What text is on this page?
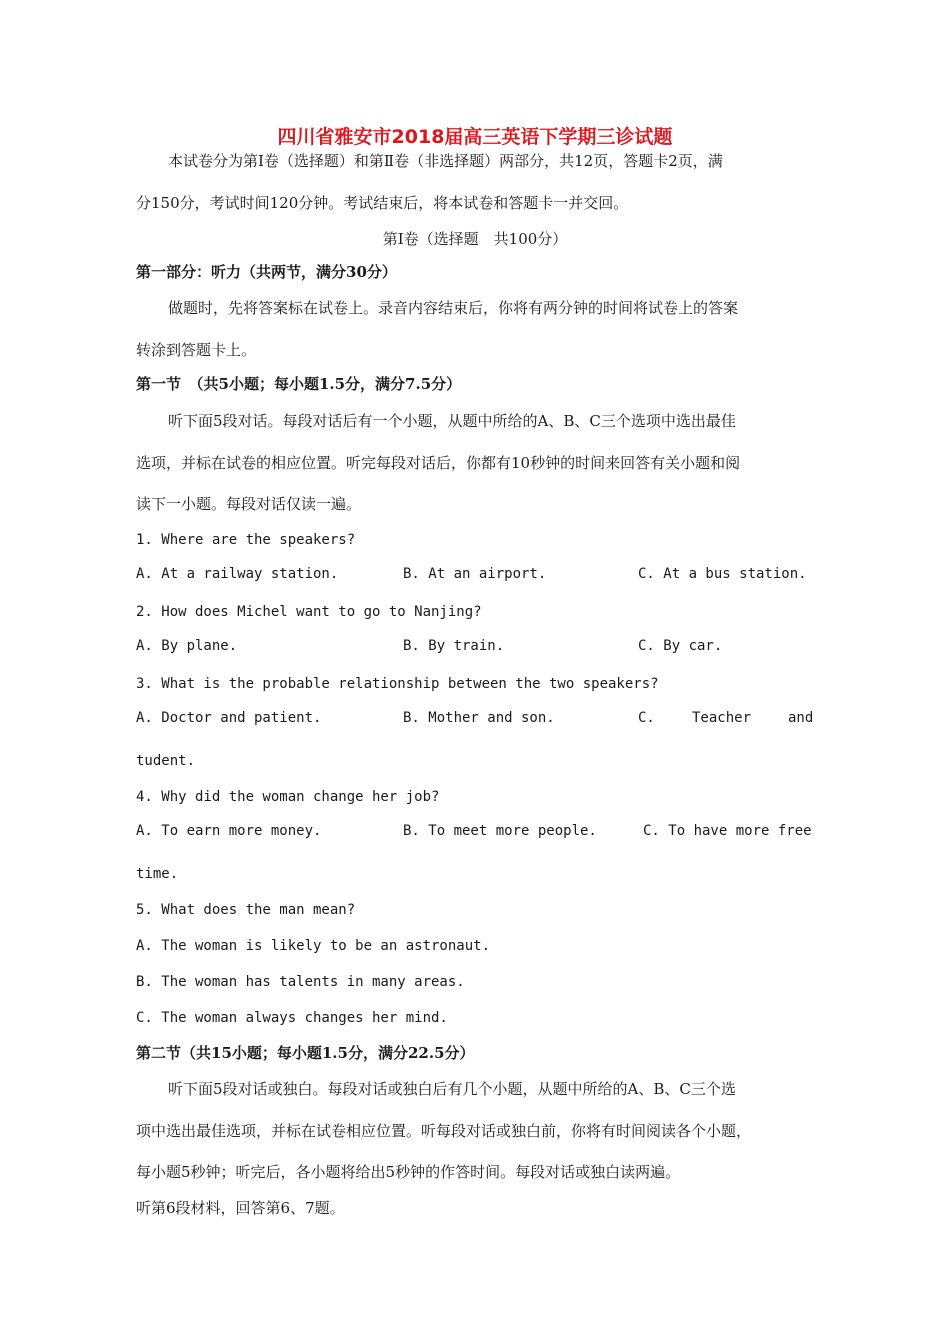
四川省雅安市2018届高三英语下学期三诊试题
本试卷分为第Ⅰ卷（选择题）和第Ⅱ卷（非选择题）两部分，共12页，答题卡2页，满
分150分，考试时间120分钟。考试结束后，将本试卷和答题卡一并交回。
第Ⅰ卷（选择题　共100分）
第一部分：听力（共两节，满分30分）
做题时，先将答案标在试卷上。录音内容结束后，你将有两分钟的时间将试卷上的答案
转涂到答题卡上。
第一节　（共5小题；每小题1.5分，满分7.5分）
听下面5段对话。每段对话后有一个小题，从题中所给的A、B、C三个选项中选出最佳
选项，并标在试卷的相应位置。听完每段对话后，你都有10秒钟的时间来回答有关小题和阅
读下一小题。每段对话仅读一遍。
1. Where are the speakers?
A. At a railway station.	B. At an airport.	C. At a bus station.
2. How does Michel want to go to Nanjing?
A. By plane.	B. By train.	C. By car.
3. What is the probable relationship between the two speakers?
A. Doctor and patient.	B. Mother and son.	C.	Teacher	and
tudent.
4. Why did the woman change her job?
A. To earn more money.	B. To meet more people.	C. To have more free
time.
5. What does the man mean?
A. The woman is likely to be an astronaut.
B. The woman has talents in many areas.
C. The woman always changes her mind.
第二节（共15小题；每小题1.5分，满分22.5分）
听下面5段对话或独白。每段对话或独白后有几个小题，从题中所给的A、B、C三个选
项中选出最佳选项，并标在试卷相应位置。听每段对话或独白前，你将有时间阅读各个小题，
每小题5秒钟；听完后，各小题将给出5秒钟的作答时间。每段对话或独白读两遍。
听第6段材料，回答第6、7题。
